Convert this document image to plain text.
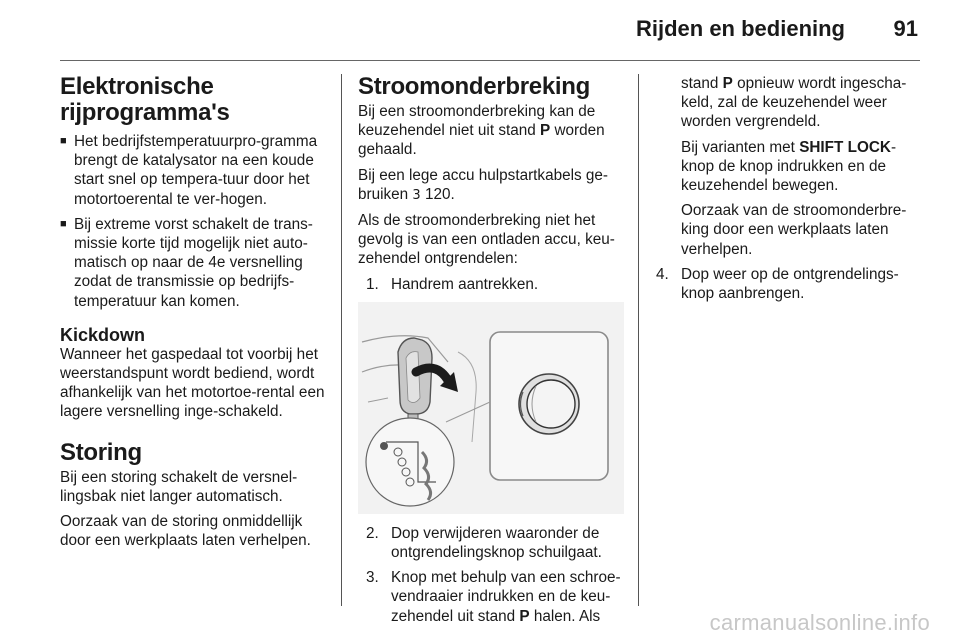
Rijden en bediening 91
Elektronische rijprogramma's
■ Het bedrijfstemperatuurpro-gramma brengt de katalysator na een koude start snel op tempera-tuur door het motortoerental te ver-hogen.
■ Bij extreme vorst schakelt de trans-missie korte tijd mogelijk niet auto-matisch op naar de 4e versnelling zodat de transmissie op bedrijfs-temperatuur kan komen.
Kickdown

Wanneer het gaspedaal tot voorbij het weerstandspunt wordt bediend, wordt afhankelijk van het motortoe-rental een lagere versnelling inge-schakeld.

Storing

Bij een storing schakelt de versnel-lingsbak niet langer automatisch.

Oorzaak van de storing onmiddellijk door een werkplaats laten verhelpen.

Stroomonderbreking

Bij een stroomonderbreking kan de keuzehendel niet uit stand P worden gehaald.

Bij een lege accu hulpstartkabels ge-bruiken 3 120.

Als de stroomonderbreking niet het gevolg is van een ontladen accu, keu-zehendel ontgrendelen:

1. Handrem aantrekken.
2. Dop verwijderen waaronder de ontgrendelingsknop schuilgaat.
3. Knop met behulp van een schroe-vendraaier indrukken en de keu-zehendel uit stand P halen. Als

stand P opnieuw wordt ingescha-keld, zal de keuzehendel weer worden vergrendeld.

Bij varianten met SHIFT LOCK-knop de knop indrukken en de keuzehendel bewegen.

Oorzaak van de stroomonderbre-king door een werkplaats laten verhelpen.

4. Dop weer op de ontgrendelings-knop aanbrengen.
carmanualsonline.info
